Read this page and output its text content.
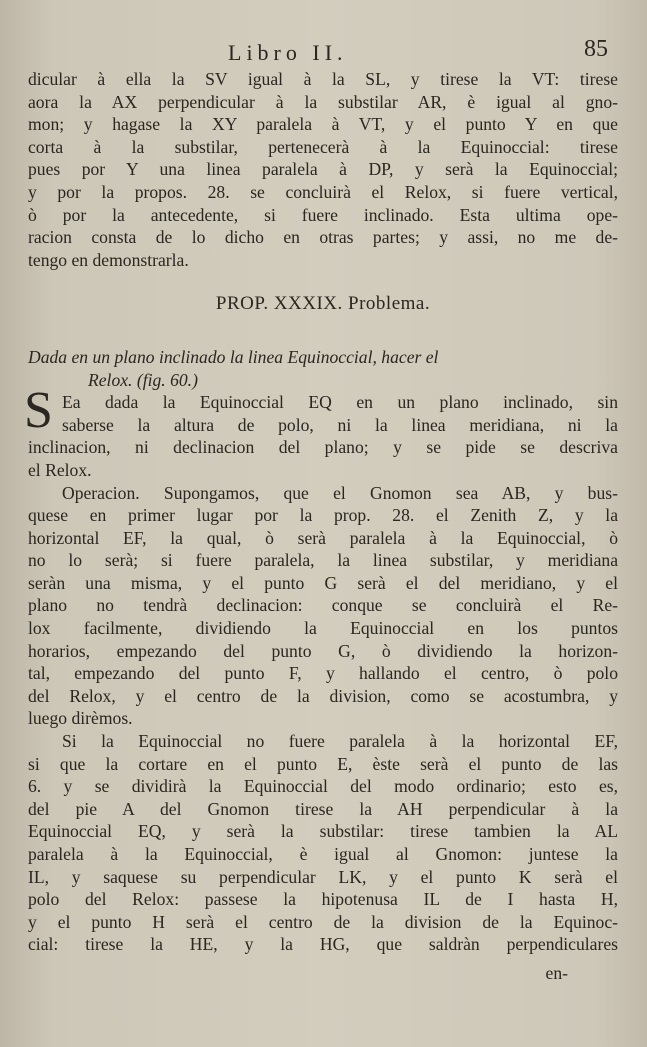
Libro II.	85
dicular à ella la SV igual à la SL, y tirese la VT: tirese
aora la AX perpendicular à la substilar AR, è igual al gno-
mon; y hagase la XY paralela à VT, y el punto Y en que
corta à la substilar, pertenecerà à la Equinoccial: tirese
pues por Y una linea paralela à DP, y serà la Equinoccial;
y por la propos. 28. se concluirà el Relox, si fuere vertical,
ò por la antecedente, si fuere inclinado. Esta ultima ope-
racion consta de lo dicho en otras partes; y assi, no me de-
tengo en demonstrarla.
PROP. XXXIX. Problema.
Dada en un plano inclinado la linea Equinoccial, hacer el
Relox. (fig. 60.)
S Ea dada la Equinoccial EQ en un plano inclinado, sin
saberse la altura de polo, ni la linea meridiana, ni la
inclinacion, ni declinacion del plano; y se pide se descriva
el Relox.
Operacion. Supongamos, que el Gnomon sea AB, y bus-
quese en primer lugar por la prop. 28. el Zenith Z, y la
horizontal EF, la qual, ò serà paralela à la Equinoccial, ò
no lo serà; si fuere paralela, la linea substilar, y meridiana
seràn una misma, y el punto G serà el del meridiano, y el
plano no tendrà declinacion: conque se concluirà el Re-
lox facilmente, dividiendo la Equinoccial en los puntos
horarios, empezando del punto G, ò dividiendo la horizon-
tal, empezando del punto F, y hallando el centro, ò polo
del Relox, y el centro de la division, como se acostumbra, y
luego dirèmos.
Si la Equinoccial no fuere paralela à la horizontal EF,
si que la cortare en el punto E, èste serà el punto de las
6. y se dividirà la Equinoccial del modo ordinario; esto es,
del pie A del Gnomon tirese la AH perpendicular à la
Equinoccial EQ, y serà la substilar: tirese tambien la AL
paralela à la Equinoccial, è igual al Gnomon: juntese la
IL, y saquese su perpendicular LK, y el punto K serà el
polo del Relox: passese la hipotenusa IL de I hasta H,
y el punto H serà el centro de la division de la Equinoc-
cial: tirese la HE, y la HG, que saldràn perpendiculares
en-
